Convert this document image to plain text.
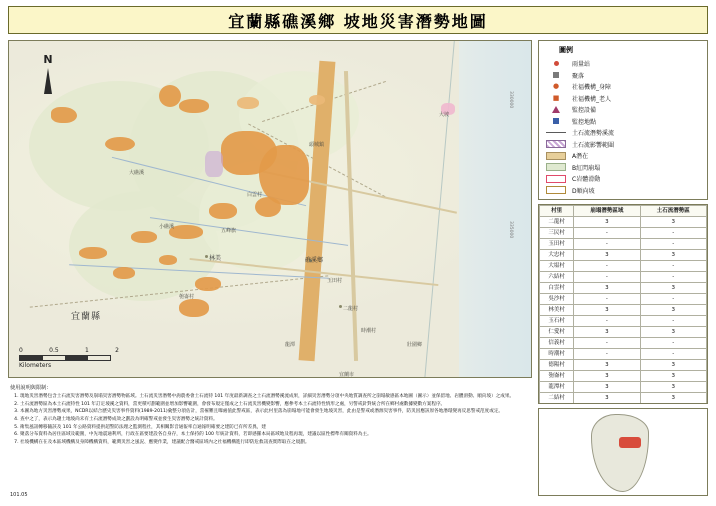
宜蘭縣礁溪鄉 坡地災害潛勢地圖
大礁溪
小礁溪
林美
五峰旗
礁溪鄉
白雲村
匏崙村
玉田村
二龍村
時潮村
頭城鎮
壯圍鄉
宜蘭市
大坡
龍潭
宜蘭縣
330000
335000
N
0	0.5	1	2
Kilometers
圖例
雨量站
聚落
● 社福機構_身障
■ 社福機構_老人
監控設備
監控地點
土石流潛勢溪流
土石流影響範圍
A潛在
B紅閃崩塌
C岩體滑動
D順向坡
村里	崩塌潛勢區域	土石流潛勢區
二龍村	3	3
三民村	-	-
玉田村	-	-
大忠村	3	3
大塭村	-	-
六結村	-	-
白雲村	3	3
吳沙村	-	-
林美村	3	3
玉石村	-	-
仁愛村	3	3
信義村	-	-
時潮村	-	-
德陽村	3	3
匏崙村	3	3
龍潭村	3	3
二結村	3	3
使用說明與限制：
1. 現地災害潛勢包含土石流災害潛勢及崩塌災害潛勢物區域。土石流災害潛勢中詢農委會土石流特 101 年度最新調查之土石流潛勢溪流成果，詳細災害潛勢分項中央地質調查所之崩塌敏感區本地圖（圖示）並保留地、岩體滑動、順向坡）之成果。
2. 土石流潛勢區為本土石流特性 101 年訂定坡溪之資料，當更積可劃範圍並增加影響範圍，會發布規定僅成之土石流災害機變影響，應參考本土石流特性情形之處，另警戒針對統合所在鄉村處數據變數方案程序。
3. 本圖為地方災害潛勢成果，NCDR以結合歷史災害事件資料(1989-2011)彙整分項估計，當罹難且曝處值此警戒區，表示此村里落為崩塌地可能會發生地坡災害，此由是警戒或潛源災害事件，防災因應該原各地潛環變再反思警戒范度或定。
4. 查中之了，表示為趨土地坡尚未有土石流潛勢成效之劃設為明確警戒並發生災害潛勢之統計資料。
5. 衛集風訊轉移隨該及 101 年公路資料提供超警防法理之監測程社，其相關影音通報率自通報明確要之建防已有所差異，建
6. 聚落分布資料為居住區域及範圍，中先地震通利所，行政在區要建設各自身存，本土保持的 100 年統計資料，若即感羅本局區域地及程再現，建議以區性標準有關資料為主。
7. 社坡機構在在及本區域機構及身障機構資料，範灣災害之風況、應變作業，建議配合醫戒區域內之社福機構進行即防危救訊查實際取在之規劃。
101.05
